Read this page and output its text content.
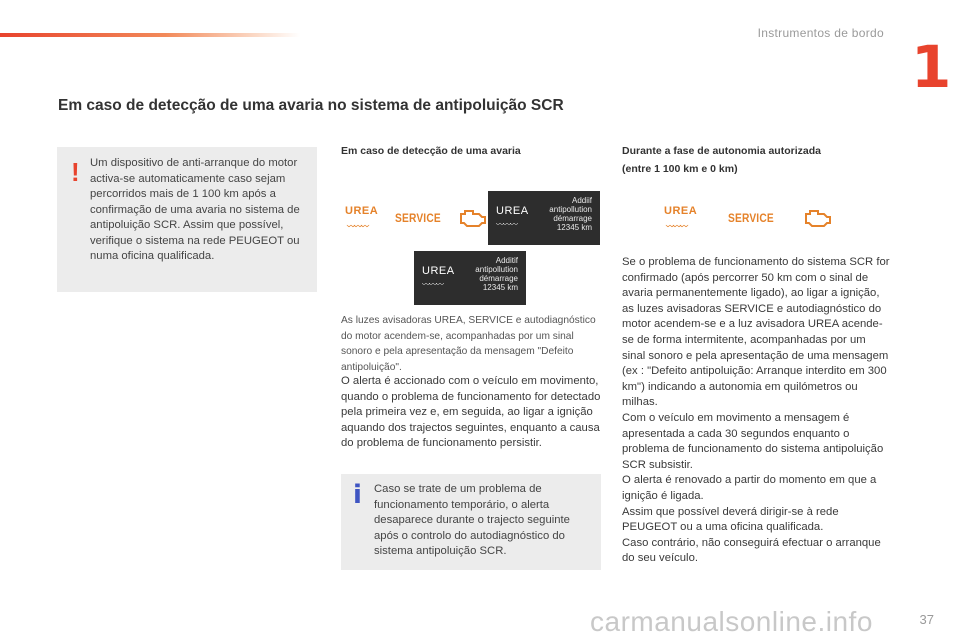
Instrumentos de bordo 1
Em caso de detecção de uma avaria no sistema de antipoluição SCR
! Um dispositivo de anti-arranque do motor activa-se automaticamente caso sejam percorridos mais de 1 100 km após a confirmação de uma avaria no sistema de antipoluição SCR. Assim que possível, verifique o sistema na rede PEUGEOT ou numa oficina qualificada.
Em caso de detecção de uma avaria
UREA
〰〰〰
SERVICE	UREA
〰〰〰
Addiif
antipollution
démarrage
12345 km
UREA
〰〰〰
Additif
antipollution
démarrage
12345 km
As luzes avisadoras UREA, SERVICE e autodiagnóstico do motor acendem-se, acompanhadas por um sinal sonoro e pela apresentação da mensagem "Defeito antipoluição".
O alerta é accionado com o veículo em movimento, quando o problema de funcionamento for detectado pela primeira vez e, em seguida, ao ligar a ignição aquando dos trajectos seguintes, enquanto a causa do problema de funcionamento persistir.
i Caso se trate de um problema de funcionamento temporário, o alerta desaparece durante o trajecto seguinte após o controlo do autodiagnóstico do sistema antipoluição SCR.
Durante a fase de autonomia autorizada
(entre 1 100 km e 0 km)
UREA
〰〰〰
SERVICE
Se o problema de funcionamento do sistema SCR for confirmado (após percorrer 50 km com o sinal de avaria permanentemente ligado), ao ligar a ignição, as luzes avisadoras SERVICE e autodiagnóstico do motor acendem-se e a luz avisadora UREA acende-se de forma intermitente, acompanhadas por um sinal sonoro e pela apresentação de uma mensagem (ex : "Defeito antipoluição: Arranque interdito em 300 km") indicando a autonomia em quilómetros ou milhas.
Com o veículo em movimento a mensagem é apresentada a cada 30 segundos enquanto o problema de funcionamento do sistema antipoluição SCR subsistir.
O alerta é renovado a partir do momento em que a ignição é ligada.
Assim que possível deverá dirigir-se à rede PEUGEOT ou a uma oficina qualificada.
Caso contrário, não conseguirá efectuar o arranque do seu veículo.
carmanualsonline.info	37
